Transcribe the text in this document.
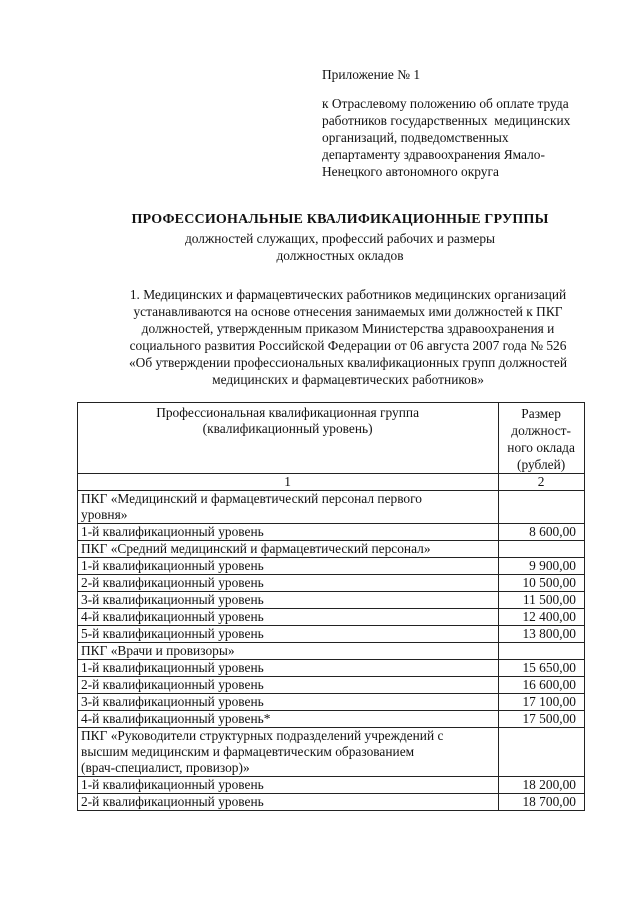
Приложение № 1

к Отраслевому положению об оплате труда
работников государственных  медицинских
организаций, подведомственных
департаменту здравоохранения Ямало-
Ненецкого автономного округа

ПРОФЕССИОНАЛЬНЫЕ КВАЛИФИКАЦИОННЫЕ ГРУППЫ
должностей служащих, профессий рабочих и размеры
должностных окладов
1. Медицинских и фармацевтических работников медицинских организаций
устанавливаются на основе отнесения занимаемых ими должностей к ПКГ
должностей, утвержденным приказом Министерства здравоохранения и
социального развития Российской Федерации от 06 августа 2007 года № 526
«Об утверждении профессиональных квалификационных групп должностей
медицинских и фармацевтических работников»
Профессиональная квалификационная группа
(квалификационный уровень)	Размер
должност-
ного оклада
(рублей)
1	2
ПКГ «Медицинский и фармацевтический персонал первого
уровня»	
1-й квалификационный уровень	8 600,00
ПКГ «Средний медицинский и фармацевтический персонал»	
1-й квалификационный уровень	9 900,00
2-й квалификационный уровень	10 500,00
3-й квалификационный уровень	11 500,00
4-й квалификационный уровень	12 400,00
5-й квалификационный уровень	13 800,00
ПКГ «Врачи и провизоры»	
1-й квалификационный уровень	15 650,00
2-й квалификационный уровень	16 600,00
3-й квалификационный уровень	17 100,00
4-й квалификационный уровень*	17 500,00
ПКГ «Руководители структурных подразделений учреждений с
высшим медицинским и фармацевтическим образованием
(врач-специалист, провизор)»	
1-й квалификационный уровень	18 200,00
2-й квалификационный уровень	18 700,00
